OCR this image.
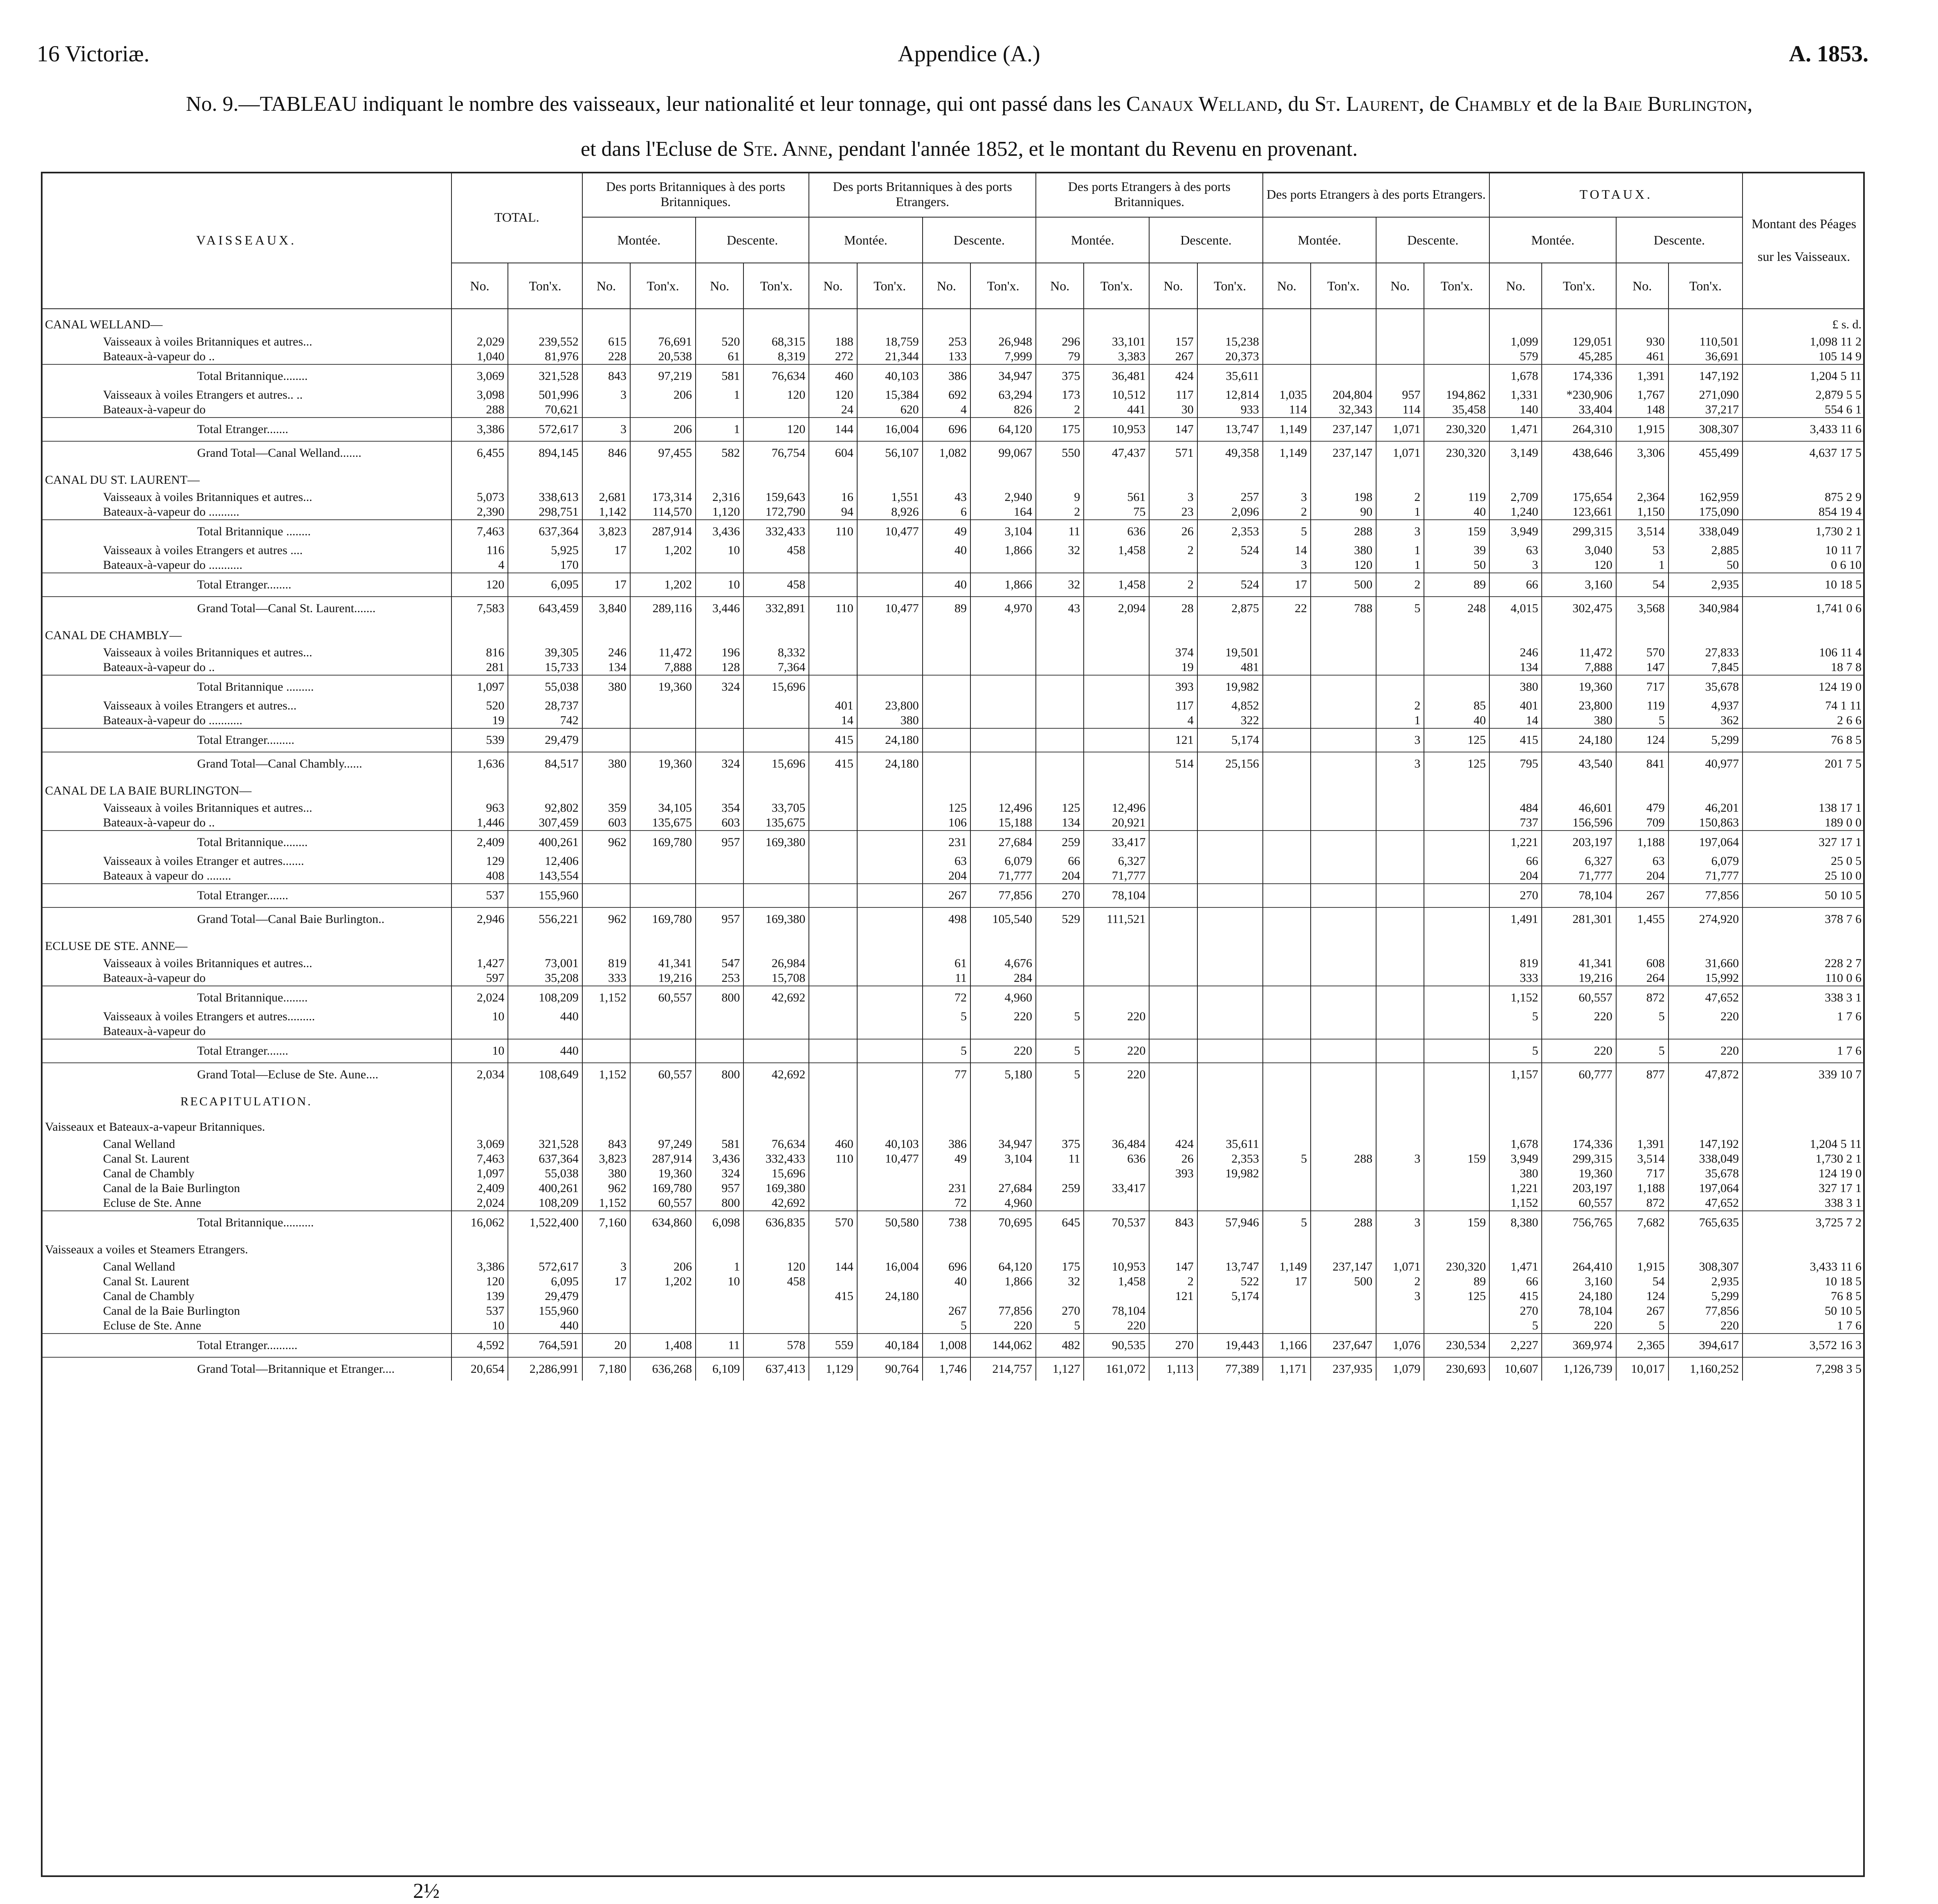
16 Victoriæ.	Appendice (A.)	A. 1853.
No. 9.—TABLEAU indiquant le nombre des vaisseaux, leur nationalité et leur tonnage, qui ont passé dans les Canaux Welland, du St. Laurent, de Chambly et de la Baie Burlington,
et dans l'Ecluse de Ste. Anne, pendant l'année 1852, et le montant du Revenu en provenant.
VAISSEAUX.	TOTAL.		Des ports Britanniques à des ports Britanniques.				Des ports Britanniques à des ports Etrangers.				Des ports Etrangers à des ports Britanniques.				Des ports Etrangers à des ports Etrangers.				TOTAUX.				Montant des Péages sur les Vaisseaux.
			Montée.		Descente.		Montée.		Descente.		Montée.		Descente.		Montée.		Descente.		Montée.		Descente.		
	No.	Ton'x.	No.	Ton'x.	No.	Ton'x.	No.	Ton'x.	No.	Ton'x.	No.	Ton'x.	No.	Ton'x.	No.	Ton'x.	No.	Ton'x.	No.	Ton'x.	No.	Ton'x.	
CANAL WELLAND—																							£ s. d.
Vaisseaux à voiles Britanniques et autres...	2,029	239,552	615	76,691	520	68,315	188	18,759	253	26,948	296	33,101	157	15,238					1,099	129,051	930	110,501	1,098 11 2
Bateaux-à-vapeur do ..	1,040	81,976	228	20,538	61	8,319	272	21,344	133	7,999	79	3,383	267	20,373					579	45,285	461	36,691	105 14 9
Total Britannique........	3,069	321,528	843	97,219	581	76,634	460	40,103	386	34,947	375	36,481	424	35,611					1,678	174,336	1,391	147,192	1,204 5 11
Vaisseaux à voiles Etrangers et autres.. ..	3,098	501,996	3	206	1	120	120	15,384	692	63,294	173	10,512	117	12,814	1,035	204,804	957	194,862	1,331	*230,906	1,767	271,090	2,879 5 5
Bateaux-à-vapeur do	288	70,621					24	620	4	826	2	441	30	933	114	32,343	114	35,458	140	33,404	148	37,217	554 6 1
Total Etranger.......	3,386	572,617	3	206	1	120	144	16,004	696	64,120	175	10,953	147	13,747	1,149	237,147	1,071	230,320	1,471	264,310	1,915	308,307	3,433 11 6
Grand Total—Canal Welland.......	6,455	894,145	846	97,455	582	76,754	604	56,107	1,082	99,067	550	47,437	571	49,358	1,149	237,147	1,071	230,320	3,149	438,646	3,306	455,499	4,637 17 5
CANAL DU ST. LAURENT—																							
Vaisseaux à voiles Britanniques et autres...	5,073	338,613	2,681	173,314	2,316	159,643	16	1,551	43	2,940	9	561	3	257	3	198	2	119	2,709	175,654	2,364	162,959	875 2 9
Bateaux-à-vapeur do ..........	2,390	298,751	1,142	114,570	1,120	172,790	94	8,926	6	164	2	75	23	2,096	2	90	1	40	1,240	123,661	1,150	175,090	854 19 4
Total Britannique ........	7,463	637,364	3,823	287,914	3,436	332,433	110	10,477	49	3,104	11	636	26	2,353	5	288	3	159	3,949	299,315	3,514	338,049	1,730 2 1
Vaisseaux à voiles Etrangers et autres ....	116	5,925	17	1,202	10	458			40	1,866	32	1,458	2	524	14	380	1	39	63	3,040	53	2,885	10 11 7
Bateaux-à-vapeur do ...........	4	170													3	120	1	50	3	120	1	50	0 6 10
Total Etranger........	120	6,095	17	1,202	10	458			40	1,866	32	1,458	2	524	17	500	2	89	66	3,160	54	2,935	10 18 5
Grand Total—Canal St. Laurent.......	7,583	643,459	3,840	289,116	3,446	332,891	110	10,477	89	4,970	43	2,094	28	2,875	22	788	5	248	4,015	302,475	3,568	340,984	1,741 0 6
CANAL DE CHAMBLY—																							
Vaisseaux à voiles Britanniques et autres...	816	39,305	246	11,472	196	8,332							374	19,501					246	11,472	570	27,833	106 11 4
Bateaux-à-vapeur do ..	281	15,733	134	7,888	128	7,364							19	481					134	7,888	147	7,845	18 7 8
Total Britannique .........	1,097	55,038	380	19,360	324	15,696							393	19,982					380	19,360	717	35,678	124 19 0
Vaisseaux à voiles Etrangers et autres...	520	28,737					401	23,800					117	4,852			2	85	401	23,800	119	4,937	74 1 11
Bateaux-à-vapeur do ...........	19	742					14	380					4	322			1	40	14	380	5	362	2 6 6
Total Etranger.........	539	29,479					415	24,180					121	5,174			3	125	415	24,180	124	5,299	76 8 5
Grand Total—Canal Chambly......	1,636	84,517	380	19,360	324	15,696	415	24,180					514	25,156			3	125	795	43,540	841	40,977	201 7 5
CANAL DE LA BAIE BURLINGTON—																							
Vaisseaux à voiles Britanniques et autres...	963	92,802	359	34,105	354	33,705			125	12,496	125	12,496							484	46,601	479	46,201	138 17 1
Bateaux-à-vapeur do ..	1,446	307,459	603	135,675	603	135,675			106	15,188	134	20,921							737	156,596	709	150,863	189 0 0
Total Britannique........	2,409	400,261	962	169,780	957	169,380			231	27,684	259	33,417							1,221	203,197	1,188	197,064	327 17 1
Vaisseaux à voiles Etranger et autres.......	129	12,406							63	6,079	66	6,327							66	6,327	63	6,079	25 0 5
Bateaux à vapeur do ........	408	143,554							204	71,777	204	71,777							204	71,777	204	71,777	25 10 0
Total Etranger.......	537	155,960							267	77,856	270	78,104							270	78,104	267	77,856	50 10 5
Grand Total—Canal Baie Burlington..	2,946	556,221	962	169,780	957	169,380			498	105,540	529	111,521							1,491	281,301	1,455	274,920	378 7 6
ECLUSE DE STE. ANNE—																							
Vaisseaux à voiles Britanniques et autres...	1,427	73,001	819	41,341	547	26,984			61	4,676									819	41,341	608	31,660	228 2 7
Bateaux-à-vapeur do	597	35,208	333	19,216	253	15,708			11	284									333	19,216	264	15,992	110 0 6
Total Britannique........	2,024	108,209	1,152	60,557	800	42,692			72	4,960									1,152	60,557	872	47,652	338 3 1
Vaisseaux à voiles Etrangers et autres.........	10	440							5	220	5	220							5	220	5	220	1 7 6
Bateaux-à-vapeur do																							
Total Etranger.......	10	440							5	220	5	220							5	220	5	220	1 7 6
Grand Total—Ecluse de Ste. Aune....	2,034	108,649	1,152	60,557	800	42,692			77	5,180	5	220							1,157	60,777	877	47,872	339 10 7
RECAPITULATION.																							
Vaisseaux et Bateaux-a-vapeur Britanniques.																							
Canal Welland	3,069	321,528	843	97,249	581	76,634	460	40,103	386	34,947	375	36,484	424	35,611					1,678	174,336	1,391	147,192	1,204 5 11
Canal St. Laurent	7,463	637,364	3,823	287,914	3,436	332,433	110	10,477	49	3,104	11	636	26	2,353	5	288	3	159	3,949	299,315	3,514	338,049	1,730 2 1
Canal de Chambly	1,097	55,038	380	19,360	324	15,696							393	19,982					380	19,360	717	35,678	124 19 0
Canal de la Baie Burlington	2,409	400,261	962	169,780	957	169,380			231	27,684	259	33,417							1,221	203,197	1,188	197,064	327 17 1
Ecluse de Ste. Anne	2,024	108,209	1,152	60,557	800	42,692			72	4,960									1,152	60,557	872	47,652	338 3 1
Total Britannique..........	16,062	1,522,400	7,160	634,860	6,098	636,835	570	50,580	738	70,695	645	70,537	843	57,946	5	288	3	159	8,380	756,765	7,682	765,635	3,725 7 2
Vaisseaux a voiles et Steamers Etrangers.																							
Canal Welland	3,386	572,617	3	206	1	120	144	16,004	696	64,120	175	10,953	147	13,747	1,149	237,147	1,071	230,320	1,471	264,410	1,915	308,307	3,433 11 6
Canal St. Laurent	120	6,095	17	1,202	10	458			40	1,866	32	1,458	2	522	17	500	2	89	66	3,160	54	2,935	10 18 5
Canal de Chambly	139	29,479					415	24,180					121	5,174			3	125	415	24,180	124	5,299	76 8 5
Canal de la Baie Burlington	537	155,960							267	77,856	270	78,104							270	78,104	267	77,856	50 10 5
Ecluse de Ste. Anne	10	440							5	220	5	220							5	220	5	220	1 7 6
Total Etranger..........	4,592	764,591	20	1,408	11	578	559	40,184	1,008	144,062	482	90,535	270	19,443	1,166	237,647	1,076	230,534	2,227	369,974	2,365	394,617	3,572 16 3
Grand Total—Britannique et Etranger....	20,654	2,286,991	7,180	636,268	6,109	637,413	1,129	90,764	1,746	214,757	1,127	161,072	1,113	77,389	1,171	237,935	1,079	230,693	10,607	1,126,739	10,017	1,160,252	7,298 3 5
2½
